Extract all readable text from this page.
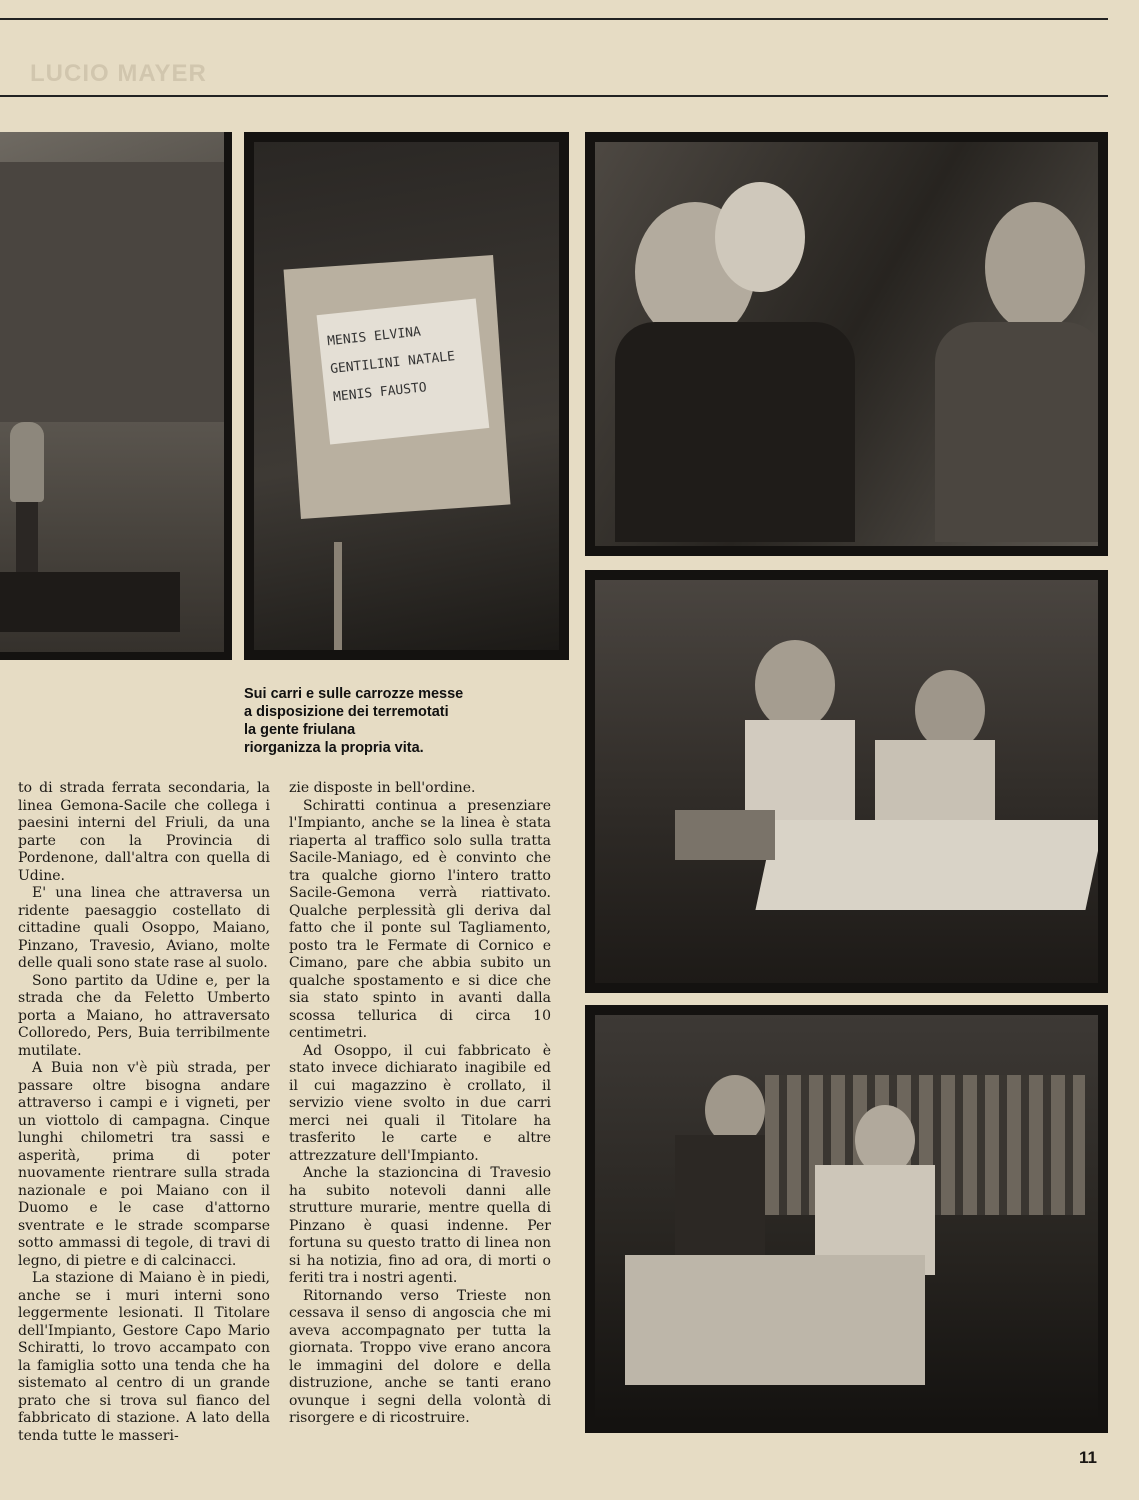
LUCIO MAYER
MENIS ELVINA
GENTILINI NATALE
MENIS FAUSTO
Sui carri e sulle carrozze messe
a disposizione dei terremotati
la gente friulana
riorganizza la propria vita.

to di strada ferrata secondaria, la linea Gemona-Sacile che collega i paesini interni del Friuli, da una parte con la Provincia di Pordenone, dall'altra con quella di Udine.

E' una linea che attraversa un ridente paesaggio costellato di cittadine quali Osoppo, Maiano, Pinzano, Travesio, Aviano, molte delle quali sono state rase al suolo.

Sono partito da Udine e, per la strada che da Feletto Umberto porta a Maiano, ho attraversato Colloredo, Pers, Buia terribilmente mutilate.

A Buia non v'è più strada, per passare oltre bisogna andare attraverso i campi e i vigneti, per un viottolo di campagna. Cinque lunghi chilometri tra sassi e asperità, prima di poter nuovamente rientrare sulla strada nazionale e poi Maiano con il Duomo e le case d'attorno sventrate e le strade scomparse sotto ammassi di tegole, di travi di legno, di pietre e di calcinacci.

La stazione di Maiano è in piedi, anche se i muri interni sono leggermente lesionati. Il Titolare dell'Impianto, Gestore Capo Mario Schiratti, lo trovo accampato con la famiglia sotto una tenda che ha sistemato al centro di un grande prato che si trova sul fianco del fabbricato di stazione. A lato della tenda tutte le masseri-

zie disposte in bell'ordine.

Schiratti continua a presenziare l'Impianto, anche se la linea è stata riaperta al traffico solo sulla tratta Sacile-Maniago, ed è convinto che tra qualche giorno l'intero tratto Sacile-Gemona verrà riattivato. Qualche perplessità gli deriva dal fatto che il ponte sul Tagliamento, posto tra le Fermate di Cornico e Cimano, pare che abbia subito un qualche spostamento e si dice che sia stato spinto in avanti dalla scossa tellurica di circa 10 centimetri.

Ad Osoppo, il cui fabbricato è stato invece dichiarato inagibile ed il cui magazzino è crollato, il servizio viene svolto in due carri merci nei quali il Titolare ha trasferito le carte e altre attrezzature dell'Impianto.

Anche la stazioncina di Travesio ha subito notevoli danni alle strutture murarie, mentre quella di Pinzano è quasi indenne. Per fortuna su questo tratto di linea non si ha notizia, fino ad ora, di morti o feriti tra i nostri agenti.

Ritornando verso Trieste non cessava il senso di angoscia che mi aveva accompagnato per tutta la giornata. Troppo vive erano ancora le immagini del dolore e della distruzione, anche se tanti erano ovunque i segni della volontà di risorgere e di ricostruire.

11
